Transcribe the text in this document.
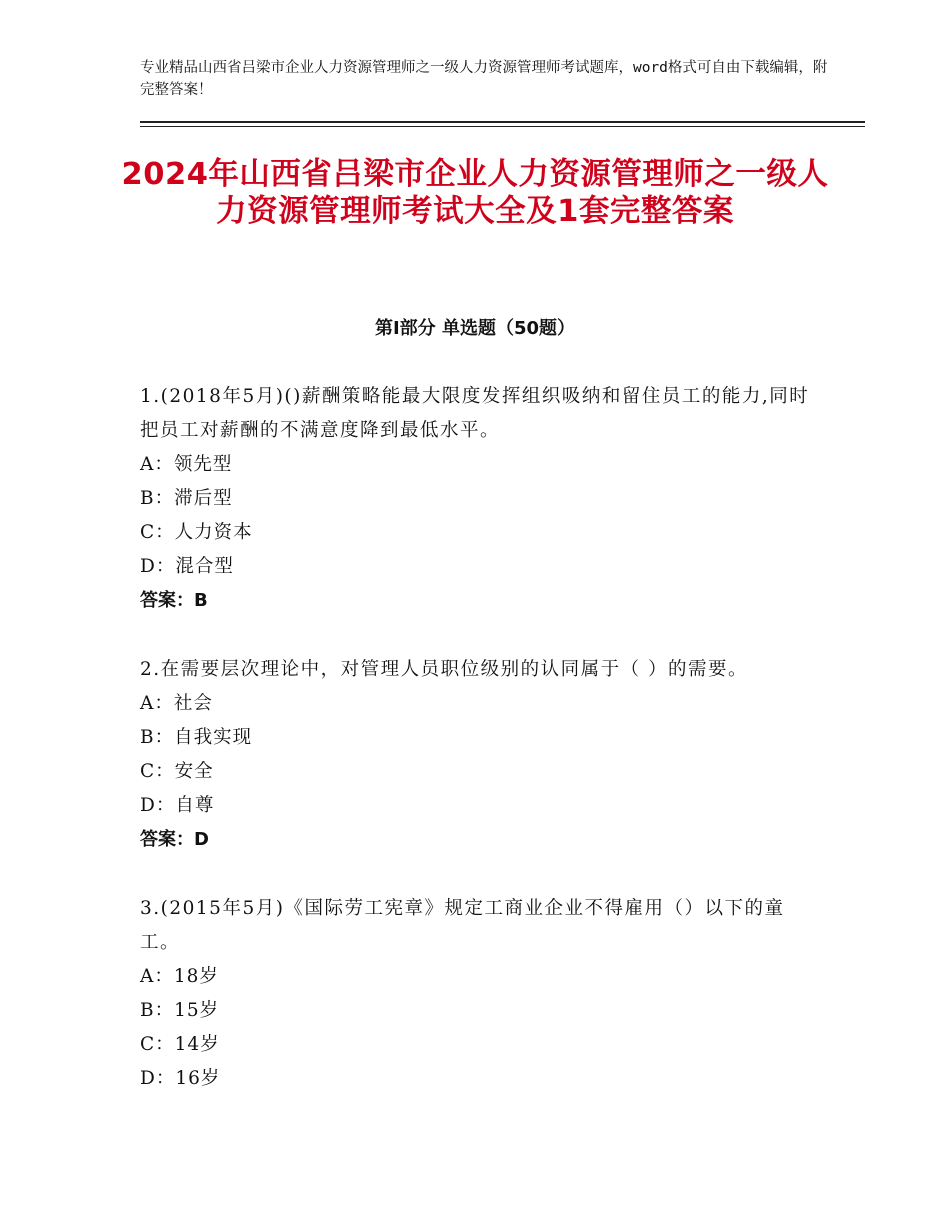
专业精品山西省吕梁市企业人力资源管理师之一级人力资源管理师考试题库，word格式可自由下载编辑，附完整答案！
2024年山西省吕梁市企业人力资源管理师之一级人力资源管理师考试大全及1套完整答案
第Ⅰ部分 单选题（50题）
1.(2018年5月)()薪酬策略能最大限度发挥组织吸纳和留住员工的能力,同时把员工对薪酬的不满意度降到最低水平。
A：领先型
B：滞后型
C：人力资本
D：混合型
答案：B
2.在需要层次理论中，对管理人员职位级别的认同属于（ ）的需要。
A：社会
B：自我实现
C：安全
D：自尊
答案：D
3.(2015年5月)《国际劳工宪章》规定工商业企业不得雇用（）以下的童工。
A：18岁
B：15岁
C：14岁
D：16岁
